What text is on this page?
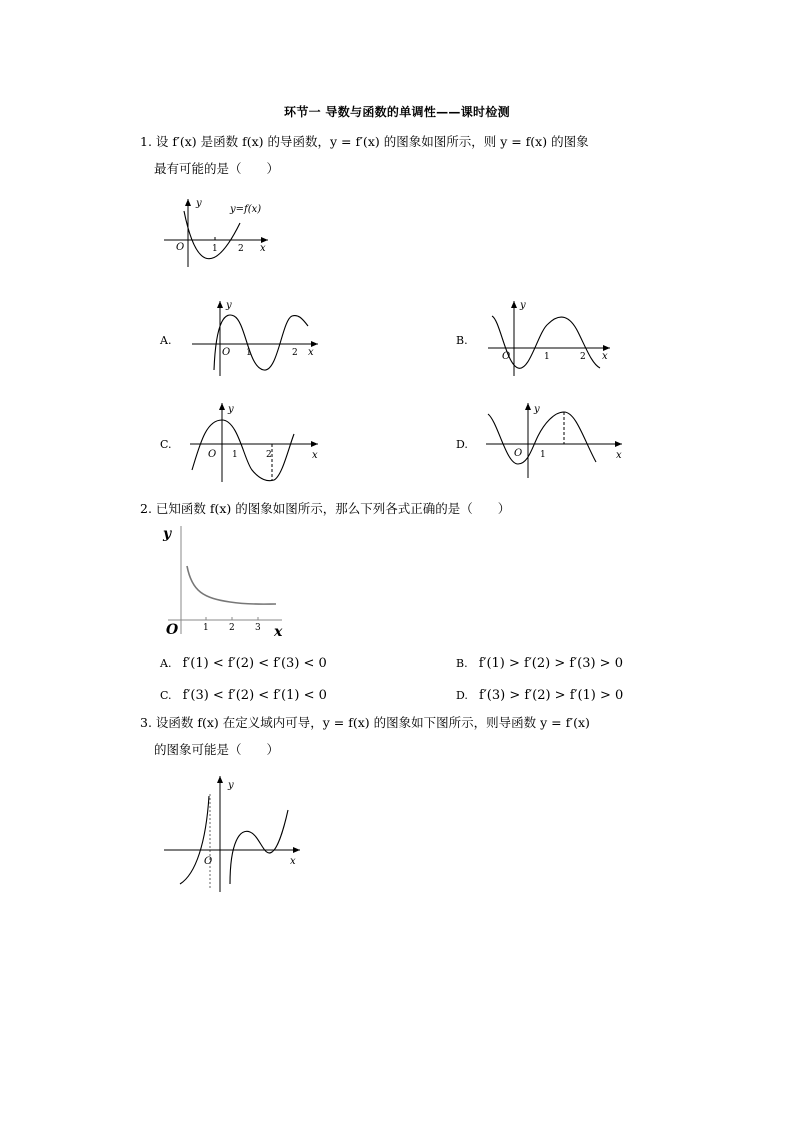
环节一 导数与函数的单调性——课时检测
1. 设 f′(x) 是函数 f(x) 的导函数，y = f′(x) 的图象如图所示，则 y = f(x) 的图象
最有可能的是（　　）
y
O	1 2 x
y=f(x)
A.
y
O 1	2 x
B.
y
O	1	2 x
C.
y
O 1	2	x
D.
y
O 1	x
2. 已知函数 f(x) 的图象如图所示，那么下列各式正确的是（　　）
y
O	1 2 3 x
A. f′(1) < f′(2) < f′(3) < 0	B. f′(1) > f′(2) > f′(3) > 0
C. f′(3) < f′(2) < f′(1) < 0	D. f′(3) > f′(2) > f′(1) > 0
3. 设函数 f(x) 在定义域内可导，y = f(x) 的图象如下图所示，则导函数 y = f′(x)
的图象可能是（　　）
y
O	x
